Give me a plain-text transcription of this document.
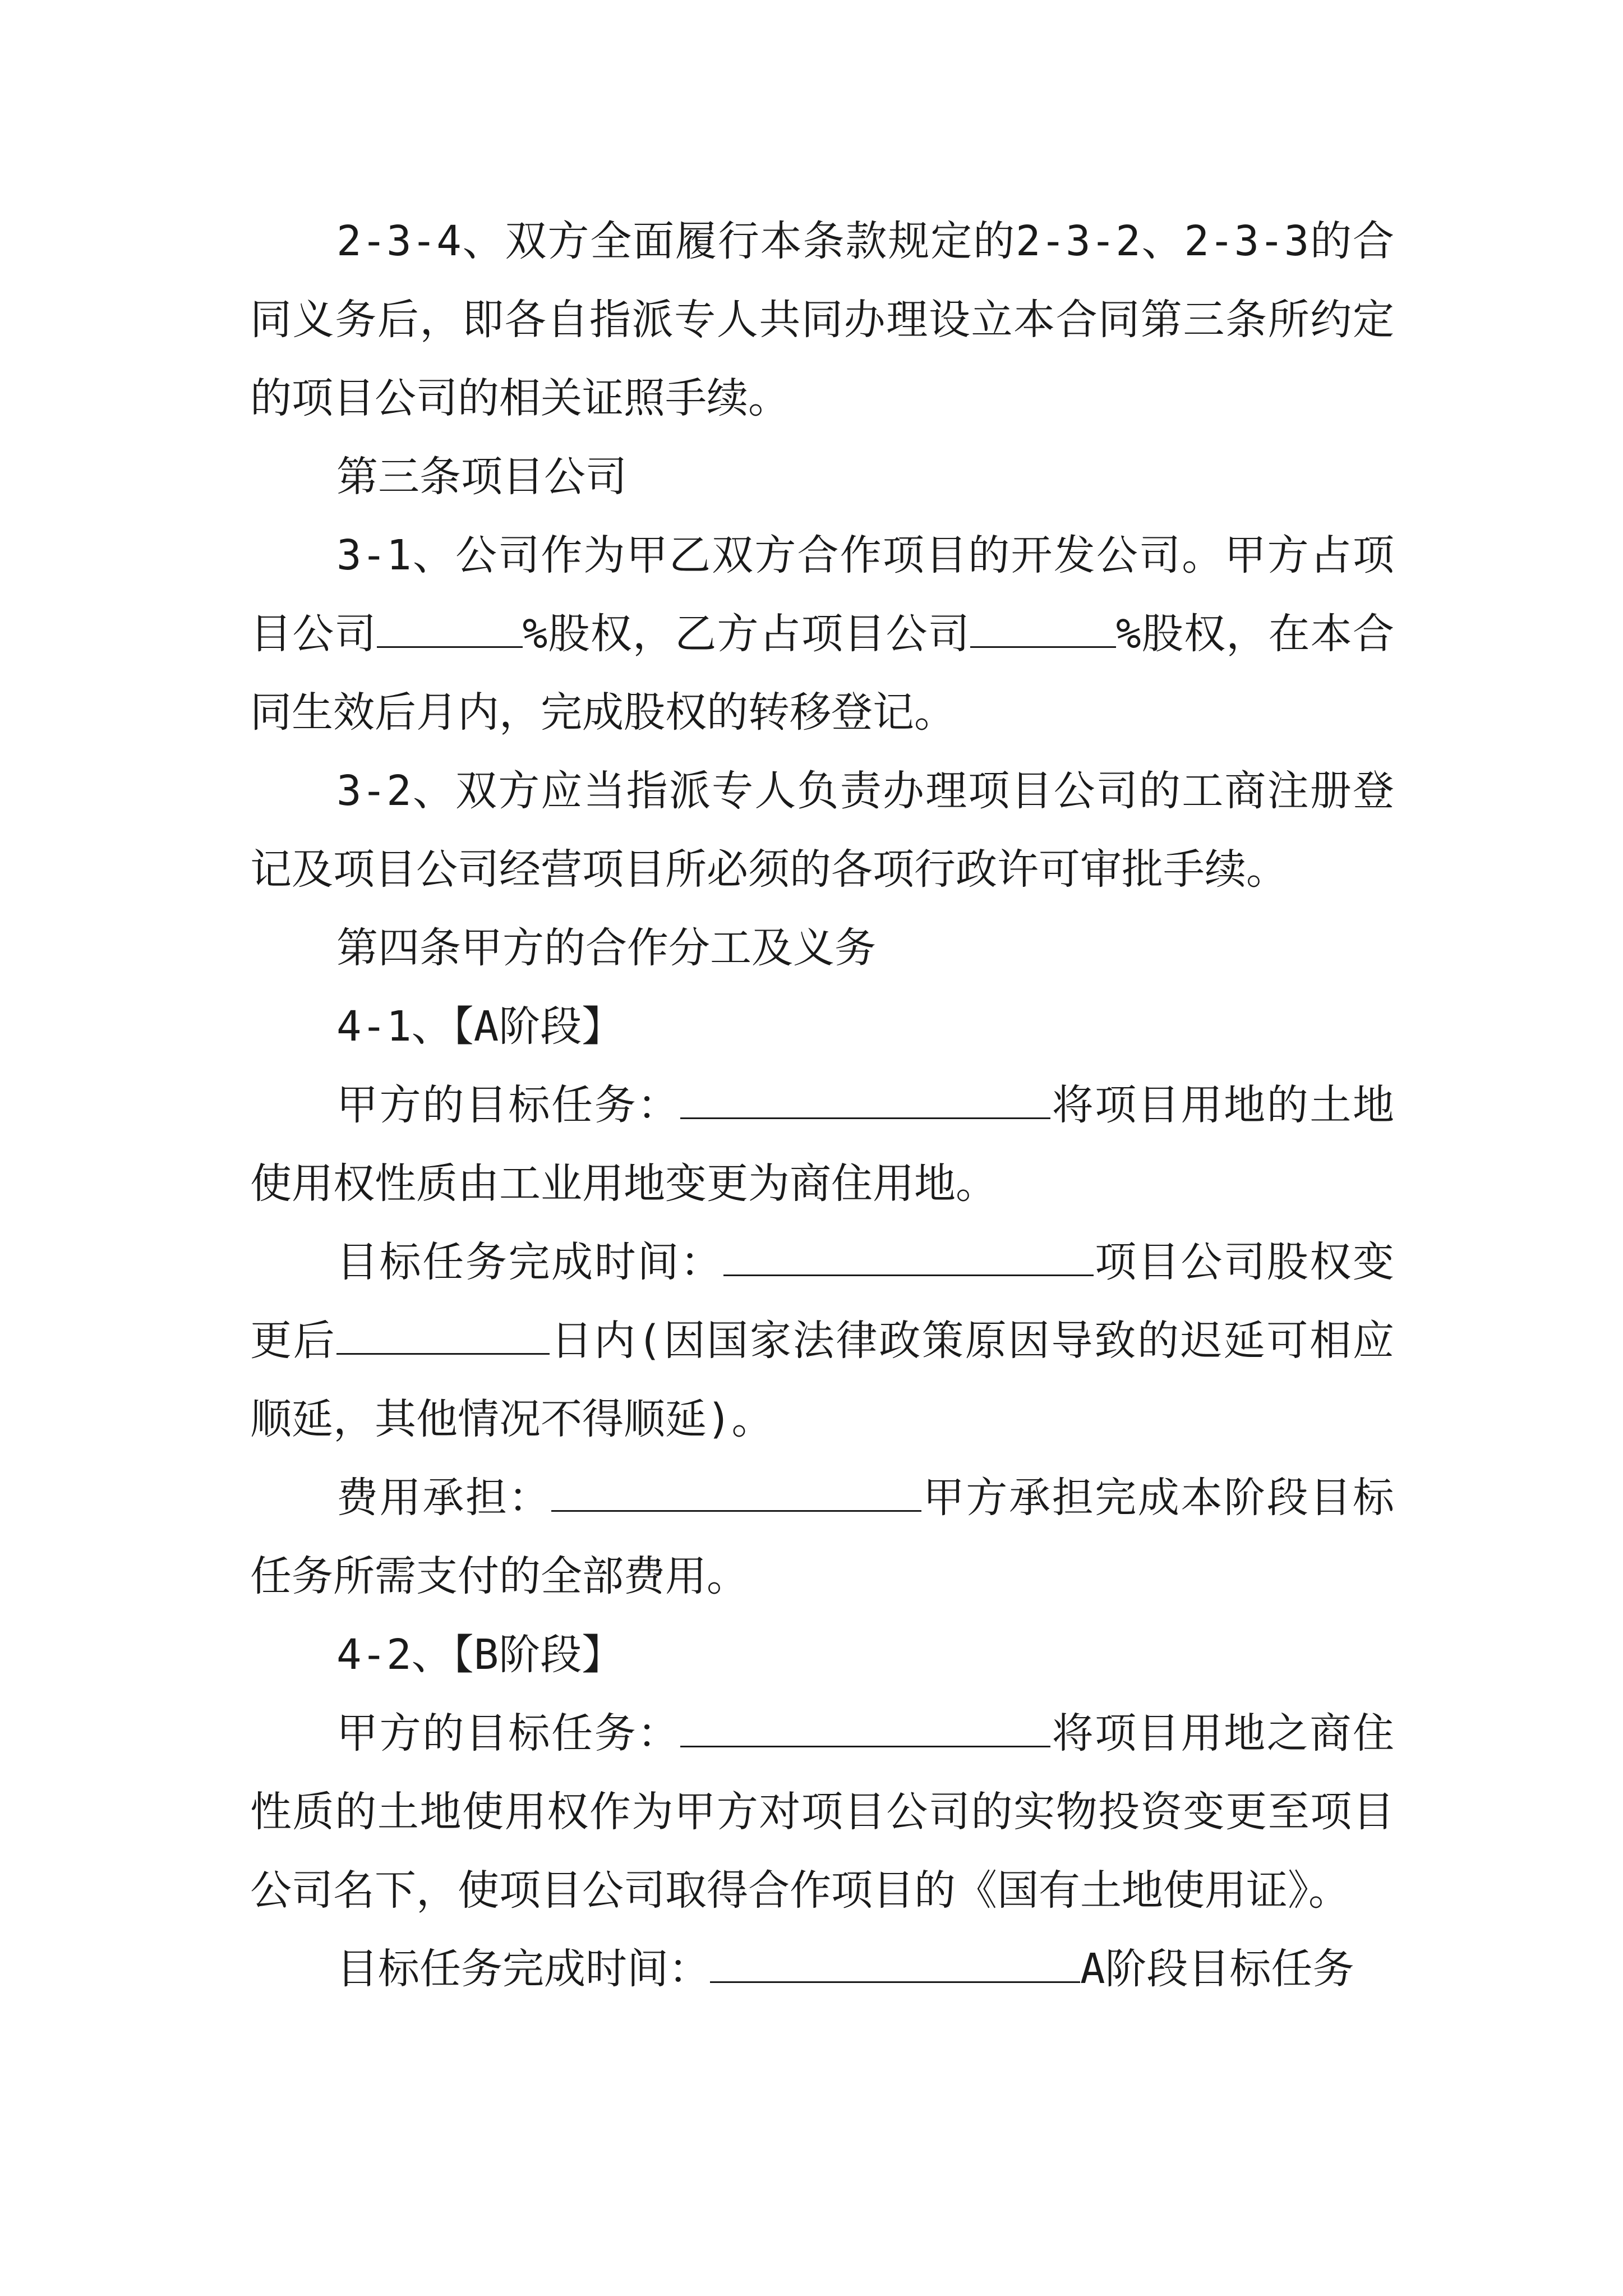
2-3-4、双方全面履行本条款规定的2-3-2、2-3-3的合同义务后，即各自指派专人共同办理设立本合同第三条所约定的项目公司的相关证照手续。

第三条项目公司

3-1、公司作为甲乙双方合作项目的开发公司。甲方占项目公司	%股权，乙方占项目公司	%股权，在本合同生效后月内，完成股权的转移登记。

3-2、双方应当指派专人负责办理项目公司的工商注册登记及项目公司经营项目所必须的各项行政许可审批手续。

第四条甲方的合作分工及义务

4-1、【A阶段】

甲方的目标任务：	将项目用地的土地使用权性质由工业用地变更为商住用地。

目标任务完成时间：	项目公司股权变更后	日内(因国家法律政策原因导致的迟延可相应顺延，其他情况不得顺延)。

费用承担：	甲方承担完成本阶段目标任务所需支付的全部费用。

4-2、【B阶段】

甲方的目标任务：	将项目用地之商住性质的土地使用权作为甲方对项目公司的实物投资变更至项目公司名下，使项目公司取得合作项目的《国有土地使用证》。

目标任务完成时间：	A阶段目标任务
